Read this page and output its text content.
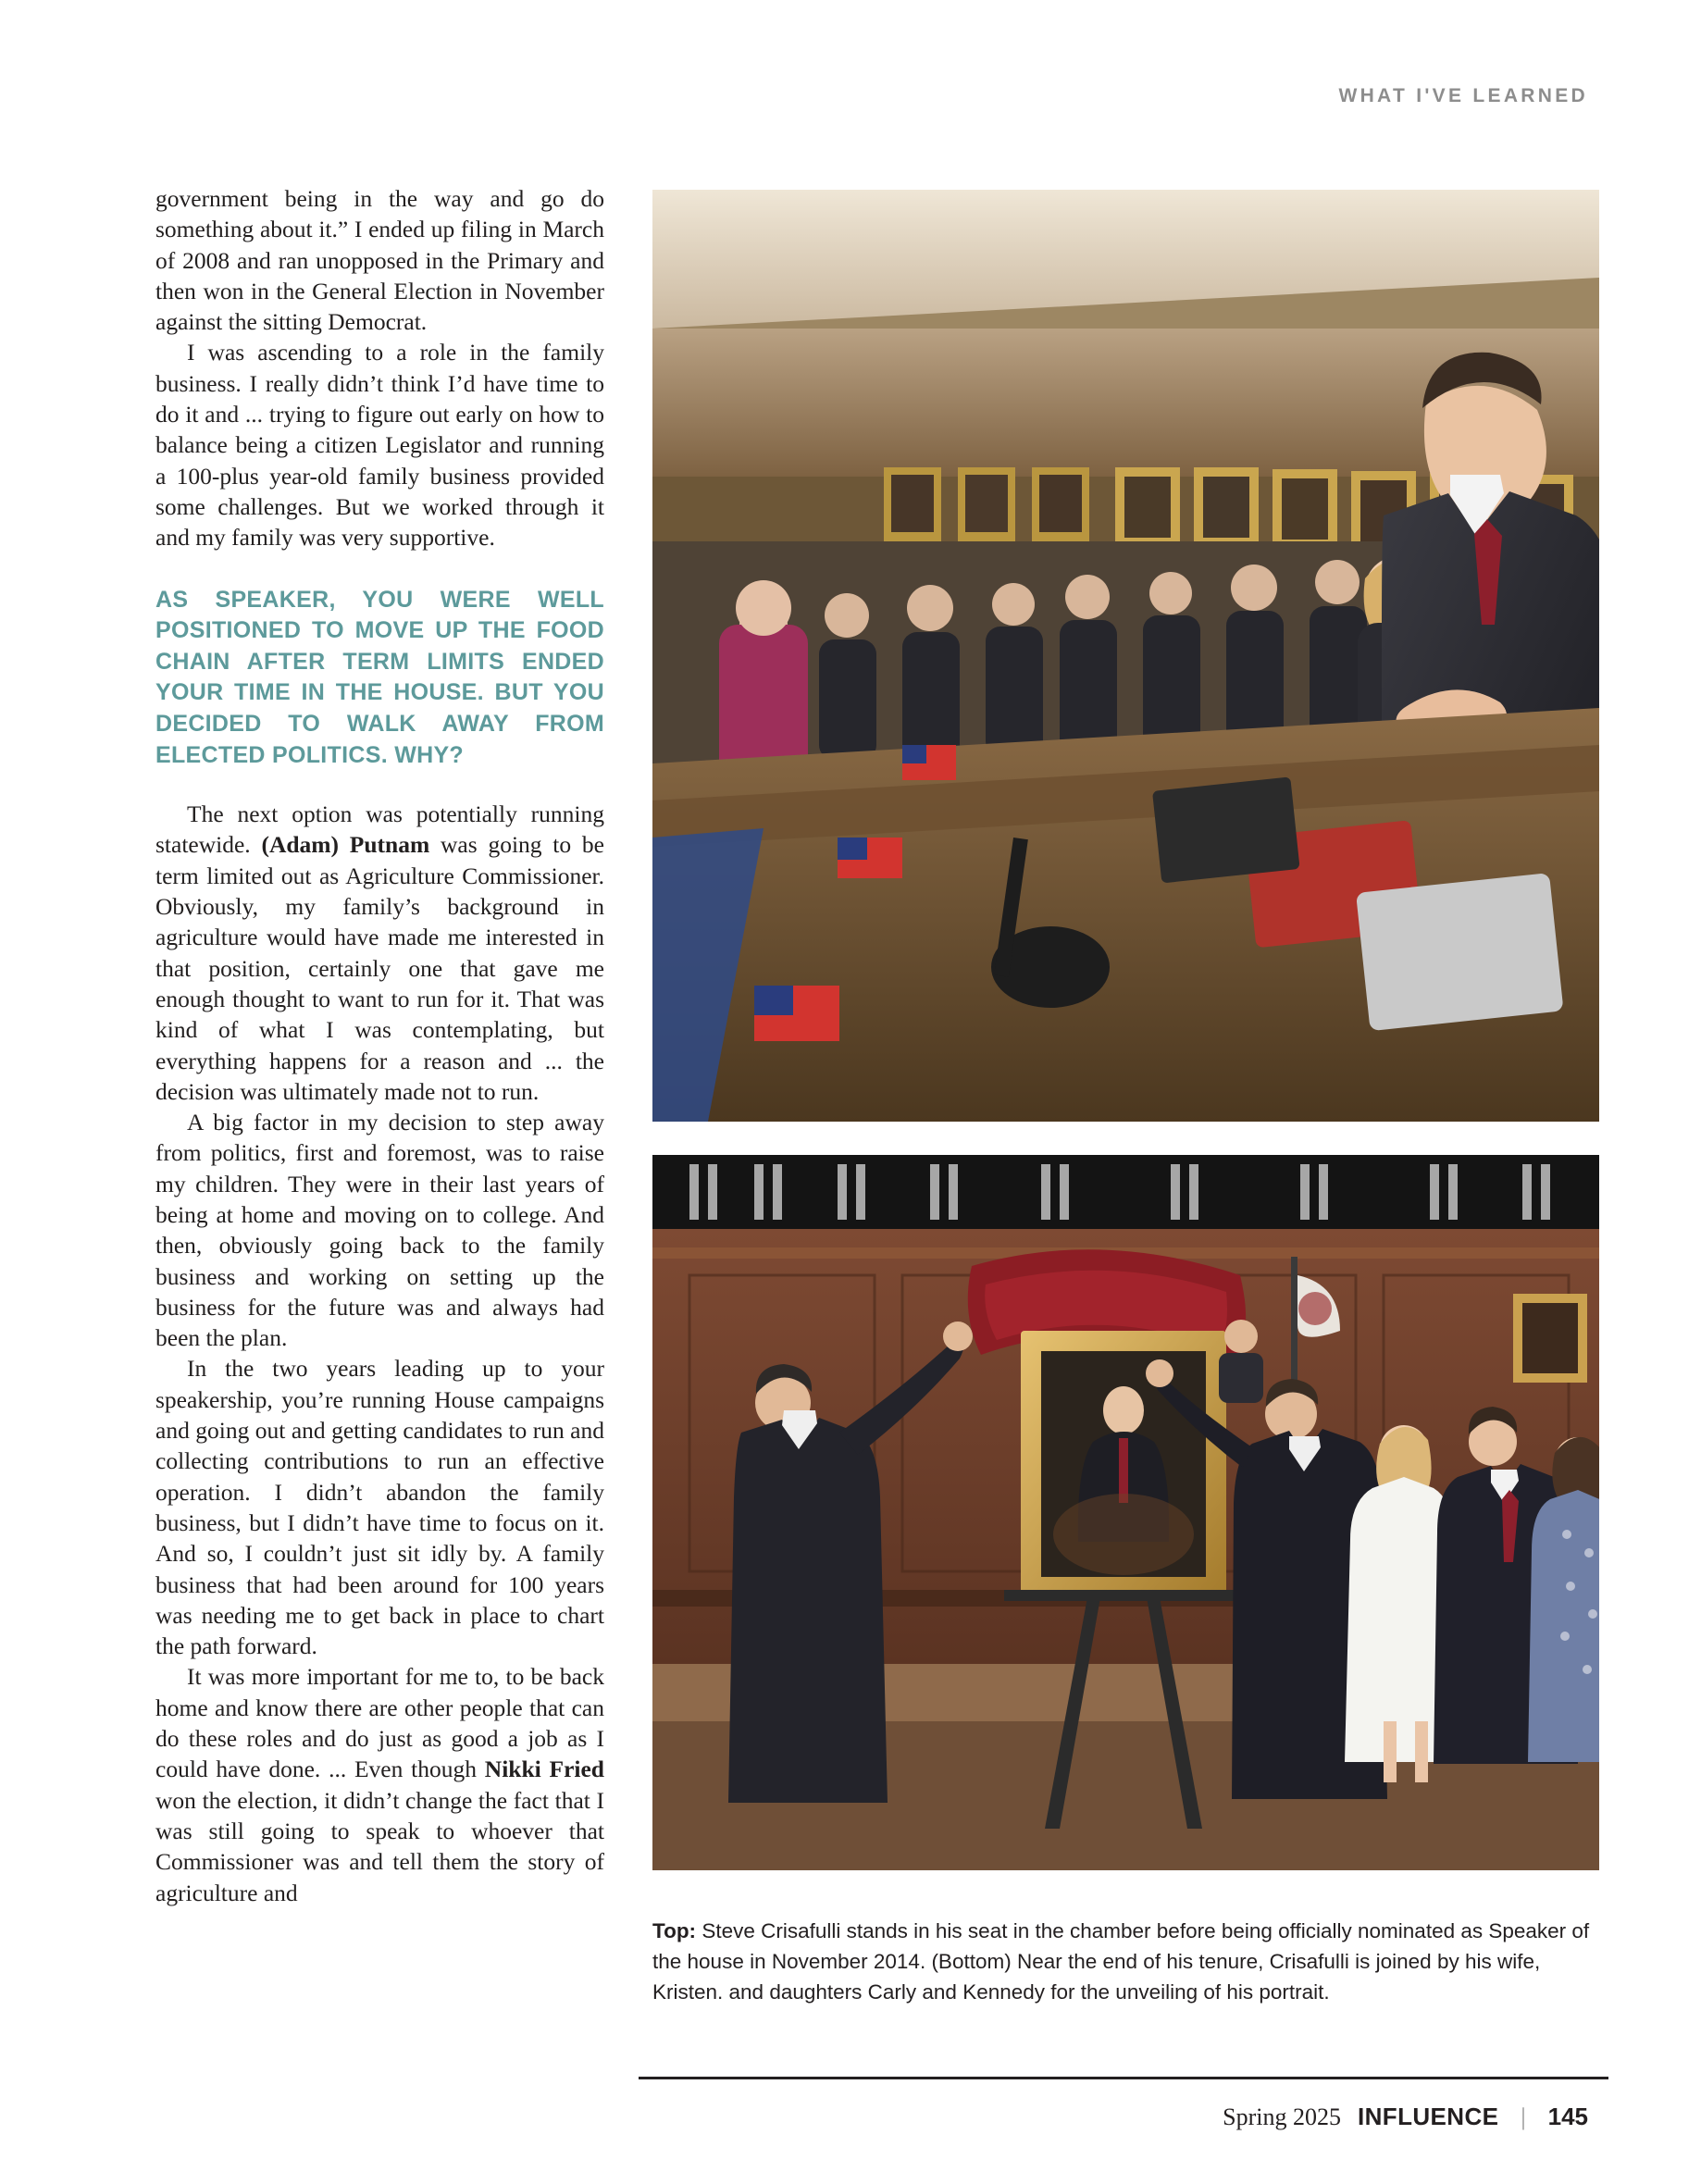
WHAT I'VE LEARNED

government being in the way and go do something about it.” I ended up filing in March of 2008 and ran unopposed in the Primary and then won in the General Election in November against the sitting Democrat.

I was ascending to a role in the family business. I really didn’t think I’d have time to do it and ... trying to figure out early on how to balance being a citizen Legislator and running a 100-plus year-old family business provided some challenges. But we worked through it and my family was very supportive.

AS SPEAKER, YOU WERE WELL POSITIONED TO MOVE UP THE FOOD CHAIN AFTER TERM LIMITS ENDED YOUR TIME IN THE HOUSE. BUT YOU DECIDED TO WALK AWAY FROM ELECTED POLITICS. WHY?

The next option was potentially running statewide. (Adam) Putnam was going to be term limited out as Agriculture Commissioner. Obviously, my family’s background in agriculture would have made me interested in that position, certainly one that gave me enough thought to want to run for it. That was kind of what I was contemplating, but everything happens for a reason and ... the decision was ultimately made not to run.

A big factor in my decision to step away from politics, first and foremost, was to raise my children. They were in their last years of being at home and moving on to college. And then, obviously going back to the family business and working on setting up the business for the future was and always had been the plan.

In the two years leading up to your speakership, you’re running House campaigns and going out and getting candidates to run and collecting contributions to run an effective operation. I didn’t abandon the family business, but I didn’t have time to focus on it. And so, I couldn’t just sit idly by. A family business that had been around for 100 years was needing me to get back in place to chart the path forward.

It was more important for me to, to be back home and know there are other people that can do these roles and do just as good a job as I could have done. ... Even though Nikki Fried won the election, it didn’t change the fact that I was still going to speak to whoever that Commissioner was and tell them the story of agriculture and

Top: Steve Crisafulli stands in his seat in the chamber before being officially nominated as Speaker of the house in November 2014. (Bottom) Near the end of his tenure, Crisafulli is joined by his wife, Kristen. and daughters Carly and Kennedy for the unveiling of his portrait.
Spring 2025 INFLUENCE | 145
